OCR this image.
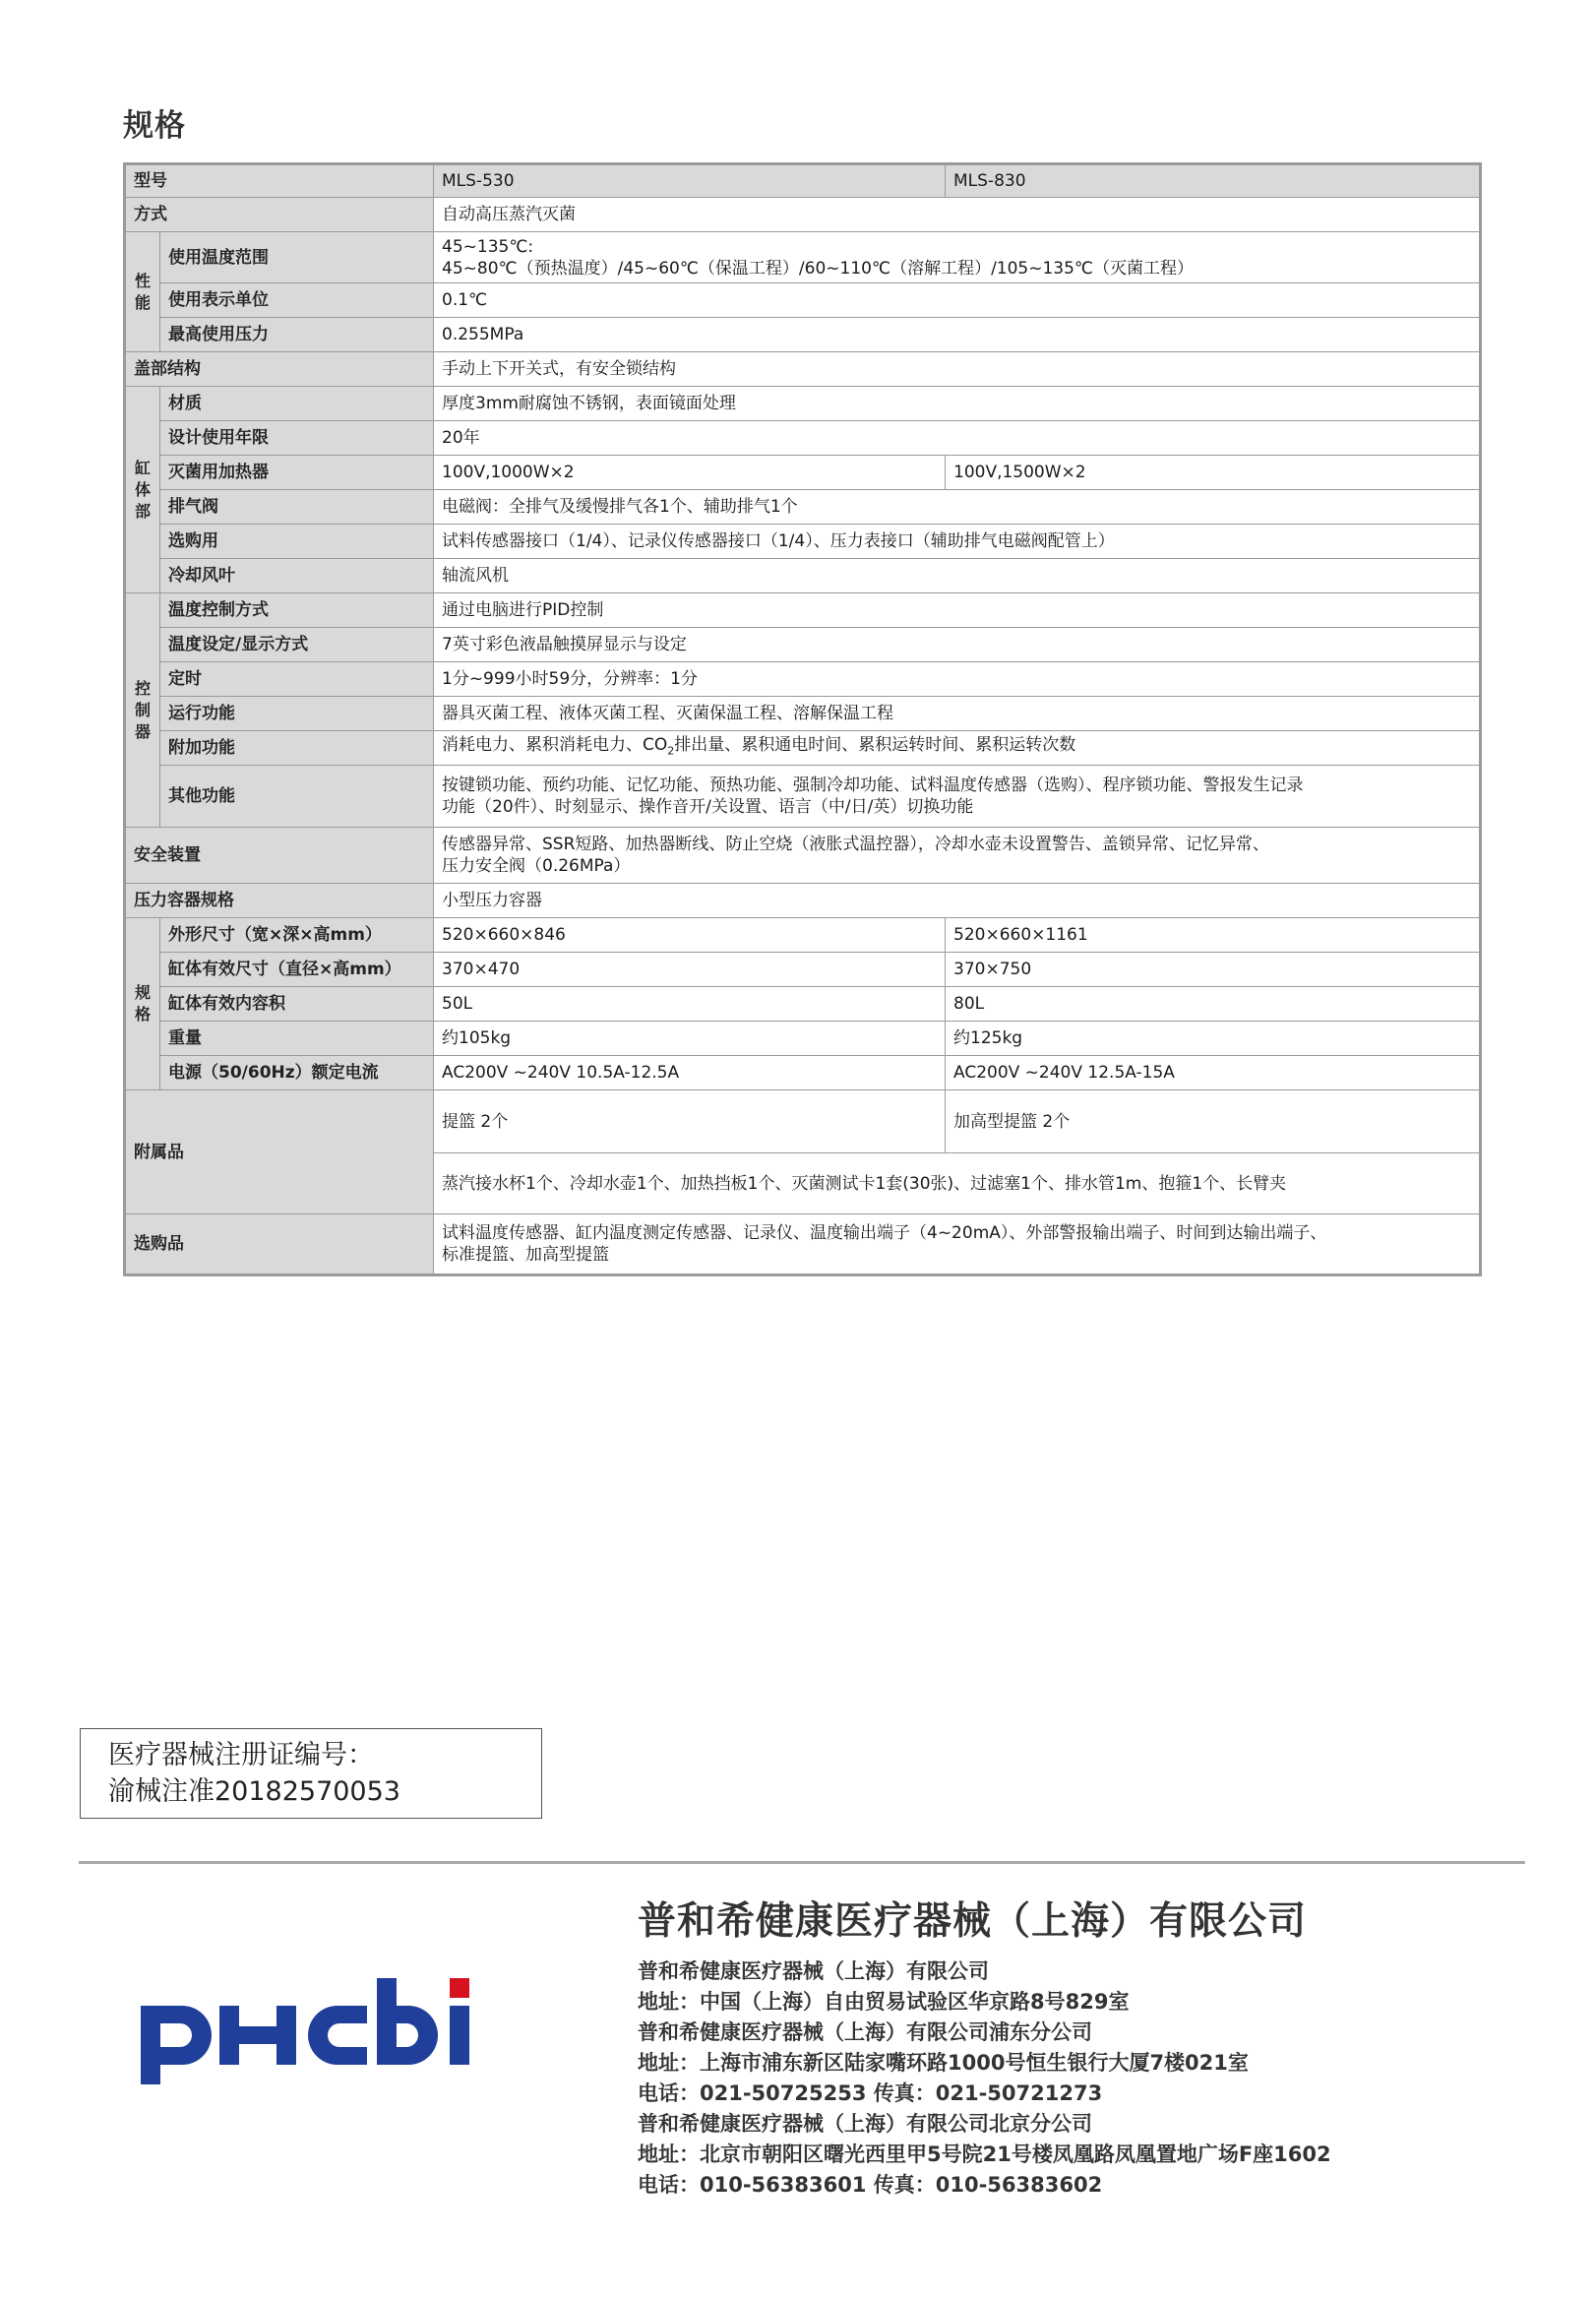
规格
型号		MLS-530	MLS-830
方式		自动高压蒸汽灭菌	
性能	使用温度范围	45~135℃:
45~80℃（预热温度）/45~60℃（保温工程）/60~110℃（溶解工程）/105~135℃（灭菌工程）	

	使用表示单位	0.1℃	
	最高使用压力	0.255MPa	
盖部结构		手动上下开关式，有安全锁结构	
缸体部	材质	厚度3mm耐腐蚀不锈钢，表面镜面处理	
	设计使用年限	20年	
	灭菌用加热器	100V,1000W×2	100V,1500W×2
	排气阀	电磁阀：全排气及缓慢排气各1个、辅助排气1个	
	选购用	试料传感器接口（1/4）、记录仪传感器接口（1/4）、压力表接口（辅助排气电磁阀配管上）	
	冷却风叶	轴流风机	
控制器	温度控制方式	通过电脑进行PID控制	
	温度设定/显示方式	7英寸彩色液晶触摸屏显示与设定	
	定时	1分~999小时59分，分辨率：1分	
	运行功能	器具灭菌工程、液体灭菌工程、灭菌保温工程、溶解保温工程	
	附加功能	消耗电力、累积消耗电力、$CO_2$排出量、累积通电时间、累积运转时间、累积运转次数	
	其他功能	按键锁功能、预约功能、记忆功能、预热功能、强制冷却功能、试料温度传感器（选购）、程序锁功能、警报发生记录
功能（20件）、时刻显示、操作音开/关设置、语言（中/日/英）切换功能	

安全装置		传感器异常、SSR短路、加热器断线、防止空烧（液胀式温控器），冷却水壶未设置警告、盖锁异常、记忆异常、
压力安全阀（0.26MPa）	

压力容器规格		小型压力容器	
规格	外形尺寸（宽×深×高mm）	520×660×846	520×660×1161
	缸体有效尺寸（直径×高mm）	370×470	370×750
	缸体有效内容积	50L	80L
	重量	约105kg	约125kg
	电源（50/60Hz）额定电流	AC200V ~240V 10.5A-12.5A	AC200V ~240V 12.5A-15A
附属品		提篮 2个	加高型提篮 2个
		蒸汽接水杯1个、冷却水壶1个、加热挡板1个、灭菌测试卡1套(30张)、过滤塞1个、排水管1m、抱箍1个、长臂夹	
选购品		试料温度传感器、缸内温度测定传感器、记录仪、温度输出端子（4~20mA）、外部警报输出端子、时间到达输出端子、
标准提篮、加高型提篮	
医疗器械注册证编号：
渝械注准20182570053
普和希健康医疗器械（上海）有限公司
普和希健康医疗器械（上海）有限公司
地址：中国（上海）自由贸易试验区华京路8号829室
普和希健康医疗器械（上海）有限公司浦东分公司
地址：上海市浦东新区陆家嘴环路1000号恒生银行大厦7楼021室
电话：021-50725253 传真：021-50721273
普和希健康医疗器械（上海）有限公司北京分公司
地址：北京市朝阳区曙光西里甲5号院21号楼凤凰路凤凰置地广场F座1602
电话：010-56383601 传真：010-56383602
